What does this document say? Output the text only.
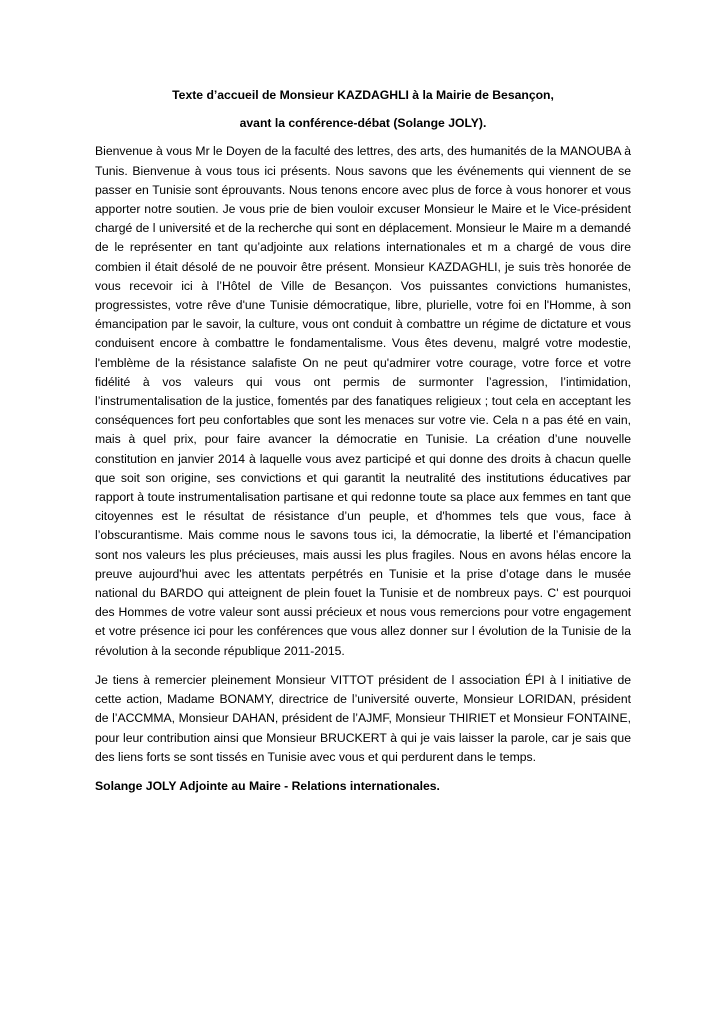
Texte d’accueil de Monsieur KAZDAGHLI à la Mairie de Besançon,

avant la conférence-débat (Solange JOLY).

Bienvenue à vous Mr le Doyen de la faculté des lettres, des arts, des humanités de la MANOUBA à Tunis. Bienvenue à vous tous ici présents. Nous savons que les événements qui viennent de se passer en Tunisie sont éprouvants. Nous tenons encore avec plus de force à vous honorer et vous apporter notre soutien. Je vous prie de bien vouloir excuser Monsieur le Maire et le Vice-président chargé de l université et de la recherche qui sont en déplacement. Monsieur le Maire m a demandé de le représenter en tant qu’adjointe aux relations internationales et m a chargé de vous dire combien il était désolé de ne pouvoir être présent. Monsieur KAZDAGHLI, je suis très honorée de vous recevoir ici à l’Hôtel de Ville de Besançon. Vos puissantes convictions humanistes, progressistes, votre rêve d'une Tunisie démocratique, libre, plurielle, votre foi en l'Homme, à son émancipation par le savoir, la culture, vous ont conduit à combattre un régime de dictature et vous conduisent encore à combattre le fondamentalisme. Vous êtes devenu, malgré votre modestie, l'emblème de la résistance salafiste On ne peut qu'admirer votre courage, votre force et votre fidélité à vos valeurs qui vous ont permis de surmonter l’agression, l’intimidation, l’instrumentalisation de la justice, fomentés par des fanatiques religieux ; tout cela en acceptant les conséquences fort peu confortables que sont les menaces sur votre vie. Cela n a pas été en vain, mais à quel prix, pour faire avancer la démocratie en Tunisie. La création d’une nouvelle constitution en janvier 2014 à laquelle vous avez participé et qui donne des droits à chacun quelle que soit son origine, ses convictions et qui garantit la neutralité des institutions éducatives par rapport à toute instrumentalisation partisane et qui redonne toute sa place aux femmes en tant que citoyennes est le résultat de résistance d’un peuple, et d'hommes tels que vous, face à l’obscurantisme. Mais comme nous le savons tous ici, la démocratie, la liberté et l’émancipation sont nos valeurs les plus précieuses, mais aussi les plus fragiles. Nous en avons hélas encore la preuve aujourd'hui avec les attentats perpétrés en Tunisie et la prise d’otage dans le musée national du BARDO qui atteignent de plein fouet la Tunisie et de nombreux pays. C' est pourquoi des Hommes de votre valeur sont aussi précieux et nous vous remercions pour votre engagement et votre présence ici pour les conférences que vous allez donner sur l évolution de la Tunisie de la révolution à la seconde république 2011-2015.

Je tiens à remercier pleinement Monsieur VITTOT président de l association ÉPI à l initiative de cette action, Madame BONAMY, directrice de l’université ouverte, Monsieur LORIDAN, président de l’ACCMMA, Monsieur DAHAN, président de l’AJMF, Monsieur THIRIET et Monsieur FONTAINE, pour leur contribution ainsi que Monsieur BRUCKERT à qui je vais laisser la parole, car je sais que des liens forts se sont tissés en Tunisie avec vous et qui perdurent dans le temps.

Solange JOLY Adjointe au Maire - Relations internationales.
